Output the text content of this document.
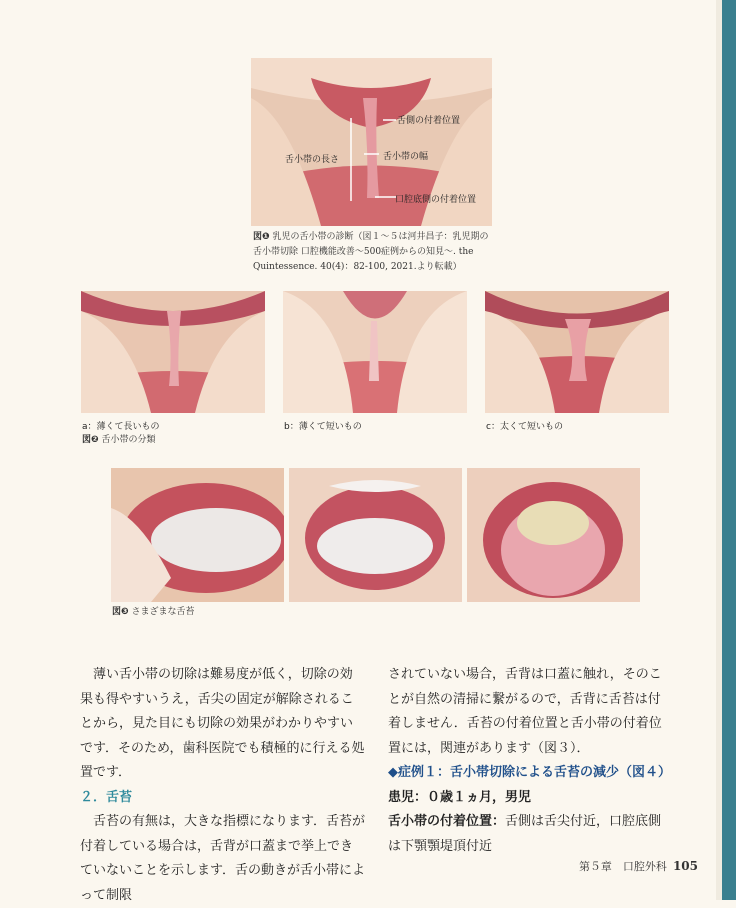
舌側の付着位置
舌小帯の長さ	舌小帯の幅
口腔底側の付着位置
図❶ 乳児の舌小帯の診断（図１～５は河井昌子：乳児期の舌小帯切除 口腔機能改善～500症例からの知見～. the Quintessence. 40(4)：82-100, 2021.より転載）
a：薄くて長いもの	b：薄くて短いもの	c：太くて短いもの
図❷ 舌小帯の分類
図❸ さまざまな舌苔

薄い舌小帯の切除は難易度が低く，切除の効果も得やすいうえ，舌尖の固定が解除されることから，見た目にも切除の効果がわかりやすいです．そのため，歯科医院でも積極的に行える処置です．

２．舌苔

舌苔の有無は，大きな指標になります．舌苔が付着している場合は，舌背が口蓋まで挙上できていないことを示します．舌の動きが舌小帯によって制限

されていない場合，舌背は口蓋に触れ，そのことが自然の清掃に繋がるので，舌背に舌苔は付着しません．舌苔の付着位置と舌小帯の付着位置には，関連があります（図３）．

◆症例１：舌小帯切除による舌苔の減少（図４）
患児：０歳１ヵ月，男児
舌小帯の付着位置：舌側は舌尖付近，口腔底側は下顎顎堤頂付近
第５章　口腔外科 105
